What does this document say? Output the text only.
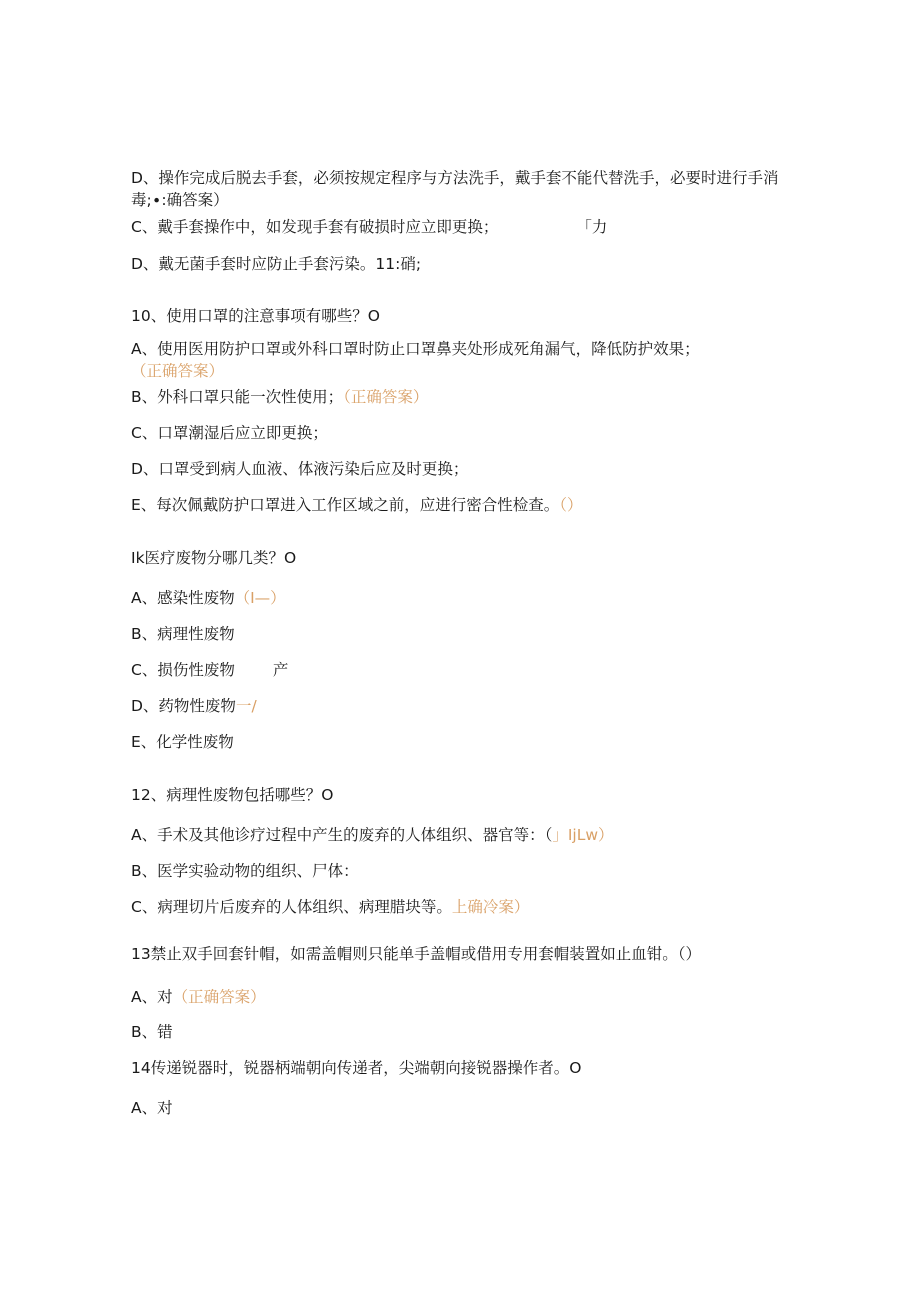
D、操作完成后脱去手套，必须按规定程序与方法洗手，戴手套不能代替洗手，必要时进行手消毒;∙:确答案）
C、戴手套操作中，如发现手套有破损时应立即更换；	「力
D、戴无菌手套时应防止手套污染。11:硝;
10、使用口罩的注意事项有哪些？O
A、使用医用防护口罩或外科口罩时防止口罩鼻夹处形成死角漏气，降低防护效果；（正确答案）
B、外科口罩只能一次性使用；（正确答案）
C、口罩潮湿后应立即更换；
D、口罩受到病人血液、体液污染后应及时更换；
E、每次佩戴防护口罩进入工作区域之前，应进行密合性检查。（）
Ik医疗废物分哪几类？O
A、感染性废物（I—）
B、病理性废物
C、损伤性废物 产
D、药物性废物一/
E、化学性废物
12、病理性废物包括哪些？O
A、手术及其他诊疗过程中产生的废弃的人体组织、器官等：（」IjLw）
B、医学实验动物的组织、尸体：
C、病理切片后废弃的人体组织、病理腊块等。上确冷案）
13禁止双手回套针帽，如需盖帽则只能单手盖帽或借用专用套帽装置如止血钳。（）
A、对（正确答案）
B、错
14传递锐器时，锐器柄端朝向传递者，尖端朝向接锐器操作者。O
A、对
